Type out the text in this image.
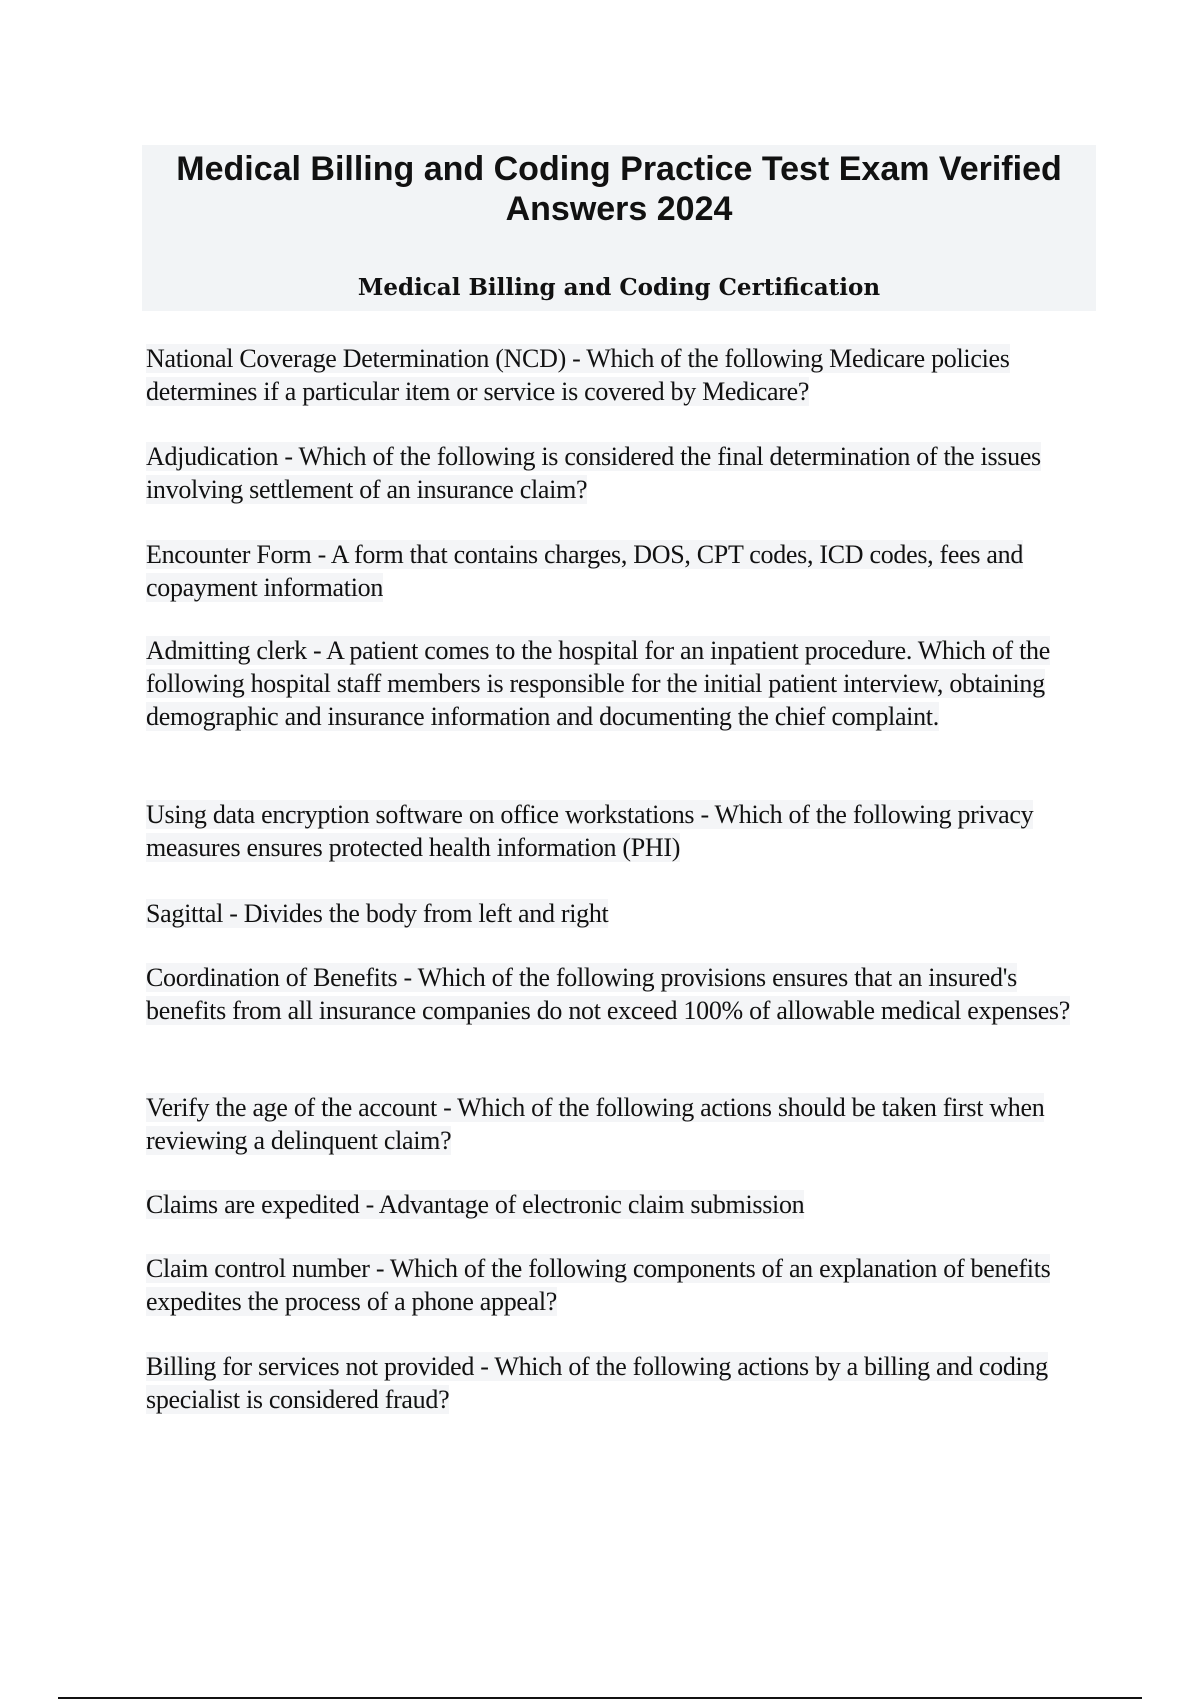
Medical Billing and Coding Practice Test Exam Verified Answers 2024
Medical Billing and Coding Certification
National Coverage Determination (NCD) - Which of the following Medicare policies determines if a particular item or service is covered by Medicare?
Adjudication - Which of the following is considered the final determination of the issues involving settlement of an insurance claim?
Encounter Form - A form that contains charges, DOS, CPT codes, ICD codes, fees and copayment information
Admitting clerk - A patient comes to the hospital for an inpatient procedure. Which of the following hospital staff members is responsible for the initial patient interview, obtaining demographic and insurance information and documenting the chief complaint.
Using data encryption software on office workstations - Which of the following privacy measures ensures protected health information (PHI)
Sagittal - Divides the body from left and right
Coordination of Benefits - Which of the following provisions ensures that an insured's benefits from all insurance companies do not exceed 100% of allowable medical expenses?
Verify the age of the account - Which of the following actions should be taken first when reviewing a delinquent claim?
Claims are expedited - Advantage of electronic claim submission
Claim control number - Which of the following components of an explanation of benefits expedites the process of a phone appeal?
Billing for services not provided - Which of the following actions by a billing and coding specialist is considered fraud?
